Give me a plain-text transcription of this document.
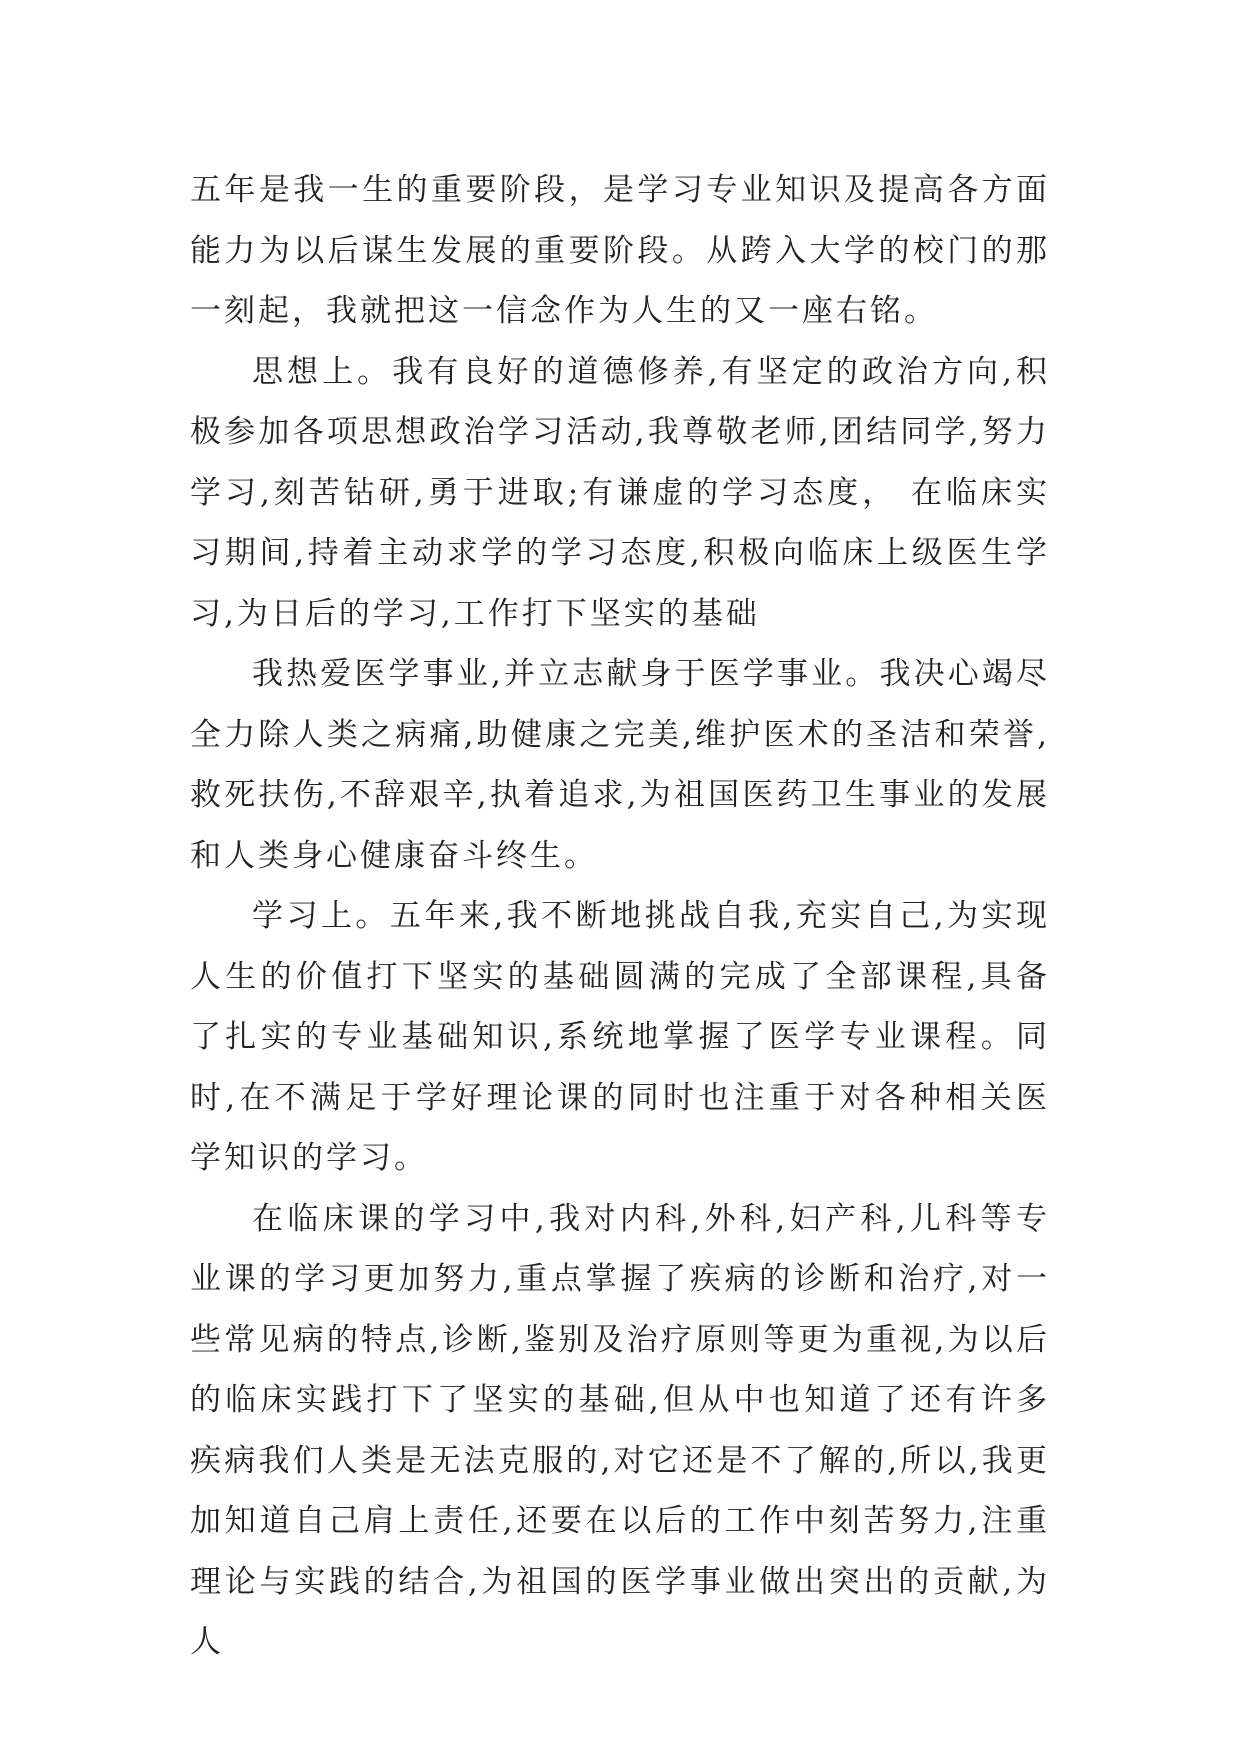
五年是我一生的重要阶段，是学习专业知识及提高各方面能力为以后谋生发展的重要阶段。从跨入大学的校门的那一刻起，我就把这一信念作为人生的又一座右铭。

思想上。我有良好的道德修养,有坚定的政治方向,积极参加各项思想政治学习活动,我尊敬老师,团结同学,努力学习,刻苦钻研,勇于进取;有谦虚的学习态度， 在临床实习期间,持着主动求学的学习态度,积极向临床上级医生学习,为日后的学习,工作打下坚实的基础

我热爱医学事业,并立志献身于医学事业。我决心竭尽全力除人类之病痛,助健康之完美,维护医术的圣洁和荣誉,救死扶伤,不辞艰辛,执着追求,为祖国医药卫生事业的发展和人类身心健康奋斗终生。

学习上。五年来,我不断地挑战自我,充实自己,为实现人生的价值打下坚实的基础圆满的完成了全部课程,具备了扎实的专业基础知识,系统地掌握了医学专业课程。同时,在不满足于学好理论课的同时也注重于对各种相关医学知识的学习。

在临床课的学习中,我对内科,外科,妇产科,儿科等专业课的学习更加努力,重点掌握了疾病的诊断和治疗,对一些常见病的特点,诊断,鉴别及治疗原则等更为重视,为以后的临床实践打下了坚实的基础,但从中也知道了还有许多疾病我们人类是无法克服的,对它还是不了解的,所以,我更加知道自己肩上责任,还要在以后的工作中刻苦努力,注重理论与实践的结合,为祖国的医学事业做出突出的贡献,为人
